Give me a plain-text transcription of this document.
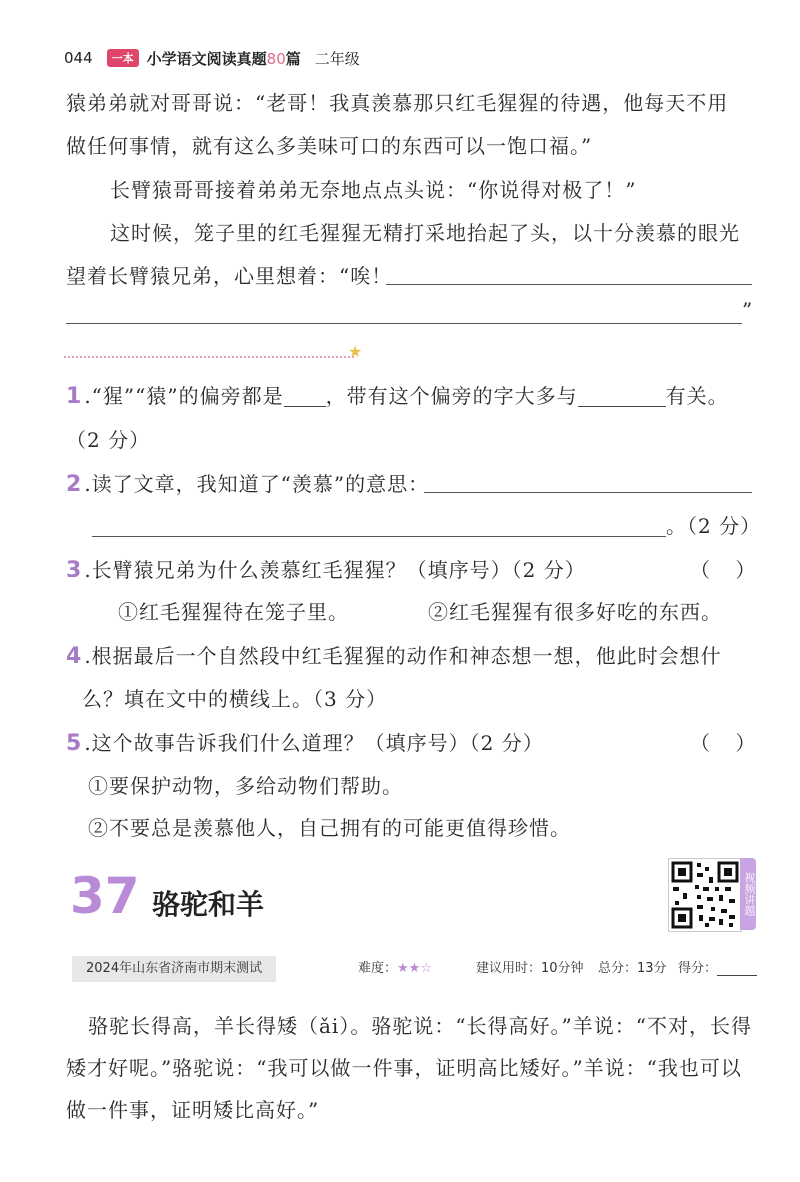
044	一本 小学语文阅读真题80篇 二年级
猿弟弟就对哥哥说：“老哥！我真羡慕那只红毛猩猩的待遇，他每天不用
做任何事情，就有这么多美味可口的东西可以一饱口福。”
长臂猿哥哥接着弟弟无奈地点点头说：“你说得对极了！”
这时候，笼子里的红毛猩猩无精打采地抬起了头，以十分羡慕的眼光
望着长臂猿兄弟，心里想着：“唉！
”
★
1 .“猩”“猿”的偏旁都是 ，带有这个偏旁的字大多与	有关。
（2 分）
2 .读了文章，我知道了“羡慕”的意思：
。（2 分）
3 .长臂猿兄弟为什么羡慕红毛猩猩？（填序号）（2 分）	（    ）
①红毛猩猩待在笼子里。	②红毛猩猩有很多好吃的东西。
4 .根据最后一个自然段中红毛猩猩的动作和神态想一想，他此时会想什
么？填在文中的横线上。（3 分）
5 .这个故事告诉我们什么道理？（填序号）（2 分）	（    ）
①要保护动物，多给动物们帮助。
②不要总是羡慕他人，自己拥有的可能更值得珍惜。
37 骆驼和羊	视频讲题
2024年山东省济南市期末测试	难度：★★☆	建议用时：10分钟 总分：13分 得分：
骆驼长得高，羊长得矮（ǎi）。骆驼说：“长得高好。”羊说：“不对，长得
矮才好呢。”骆驼说：“我可以做一件事，证明高比矮好。”羊说：“我也可以
做一件事，证明矮比高好。”
